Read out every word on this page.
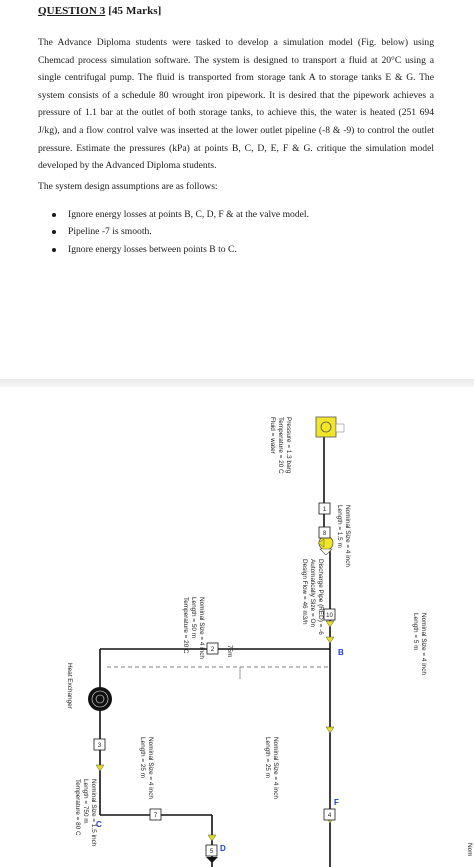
QUESTION 3 [45 Marks]

The Advance Diploma students were tasked to develop a simulation model (Fig. below) using Chemcad process simulation software. The system is designed to transport a fluid at 20°C using a single centrifugal pump. The fluid is transported from storage tank A to storage tanks E & G. The system consists of a schedule 80 wrought iron pipework. It is desired that the pipework achieves a pressure of 1.1 bar at the outlet of both storage tanks, to achieve this, the water is heated (251 694 J/kg), and a flow control valve was inserted at the lower outlet pipeline (-8 & -9) to control the outlet pressure. Estimate the pressures (kPa) at points B, C, D, E, F & G. critique the simulation model developed by the Advanced Diploma students.

The system design assumptions are as follows:

Ignore energy losses at points B, C, D, F & at the valve model.
Pipeline -7 is smooth.
Ignore energy losses between points B to C.
1
8
10
2
3
7	4
5
B
C
D
F
Fluid = water Temperature = 20 C Pressure = 1.3 barg
Nominal Size = 4 inch
Length = 1.5 m
Design Flow = 46 m3/h Automatically Size = On Discharge Pipe (RED) = -6
Nominal Size = 4 inch
Length = 5 m
Nominal Size = 4 inch
Length = 50 m
Temperature = 20 C	75m
Heat Exchanger
Nominal Size = 1.5 inch
Length = 750 m
Temperature = 80 C
Nominal Size = 4 inch
Length = 25 m	Nominal Size = 4 inch
Length = 25 m
Nom
